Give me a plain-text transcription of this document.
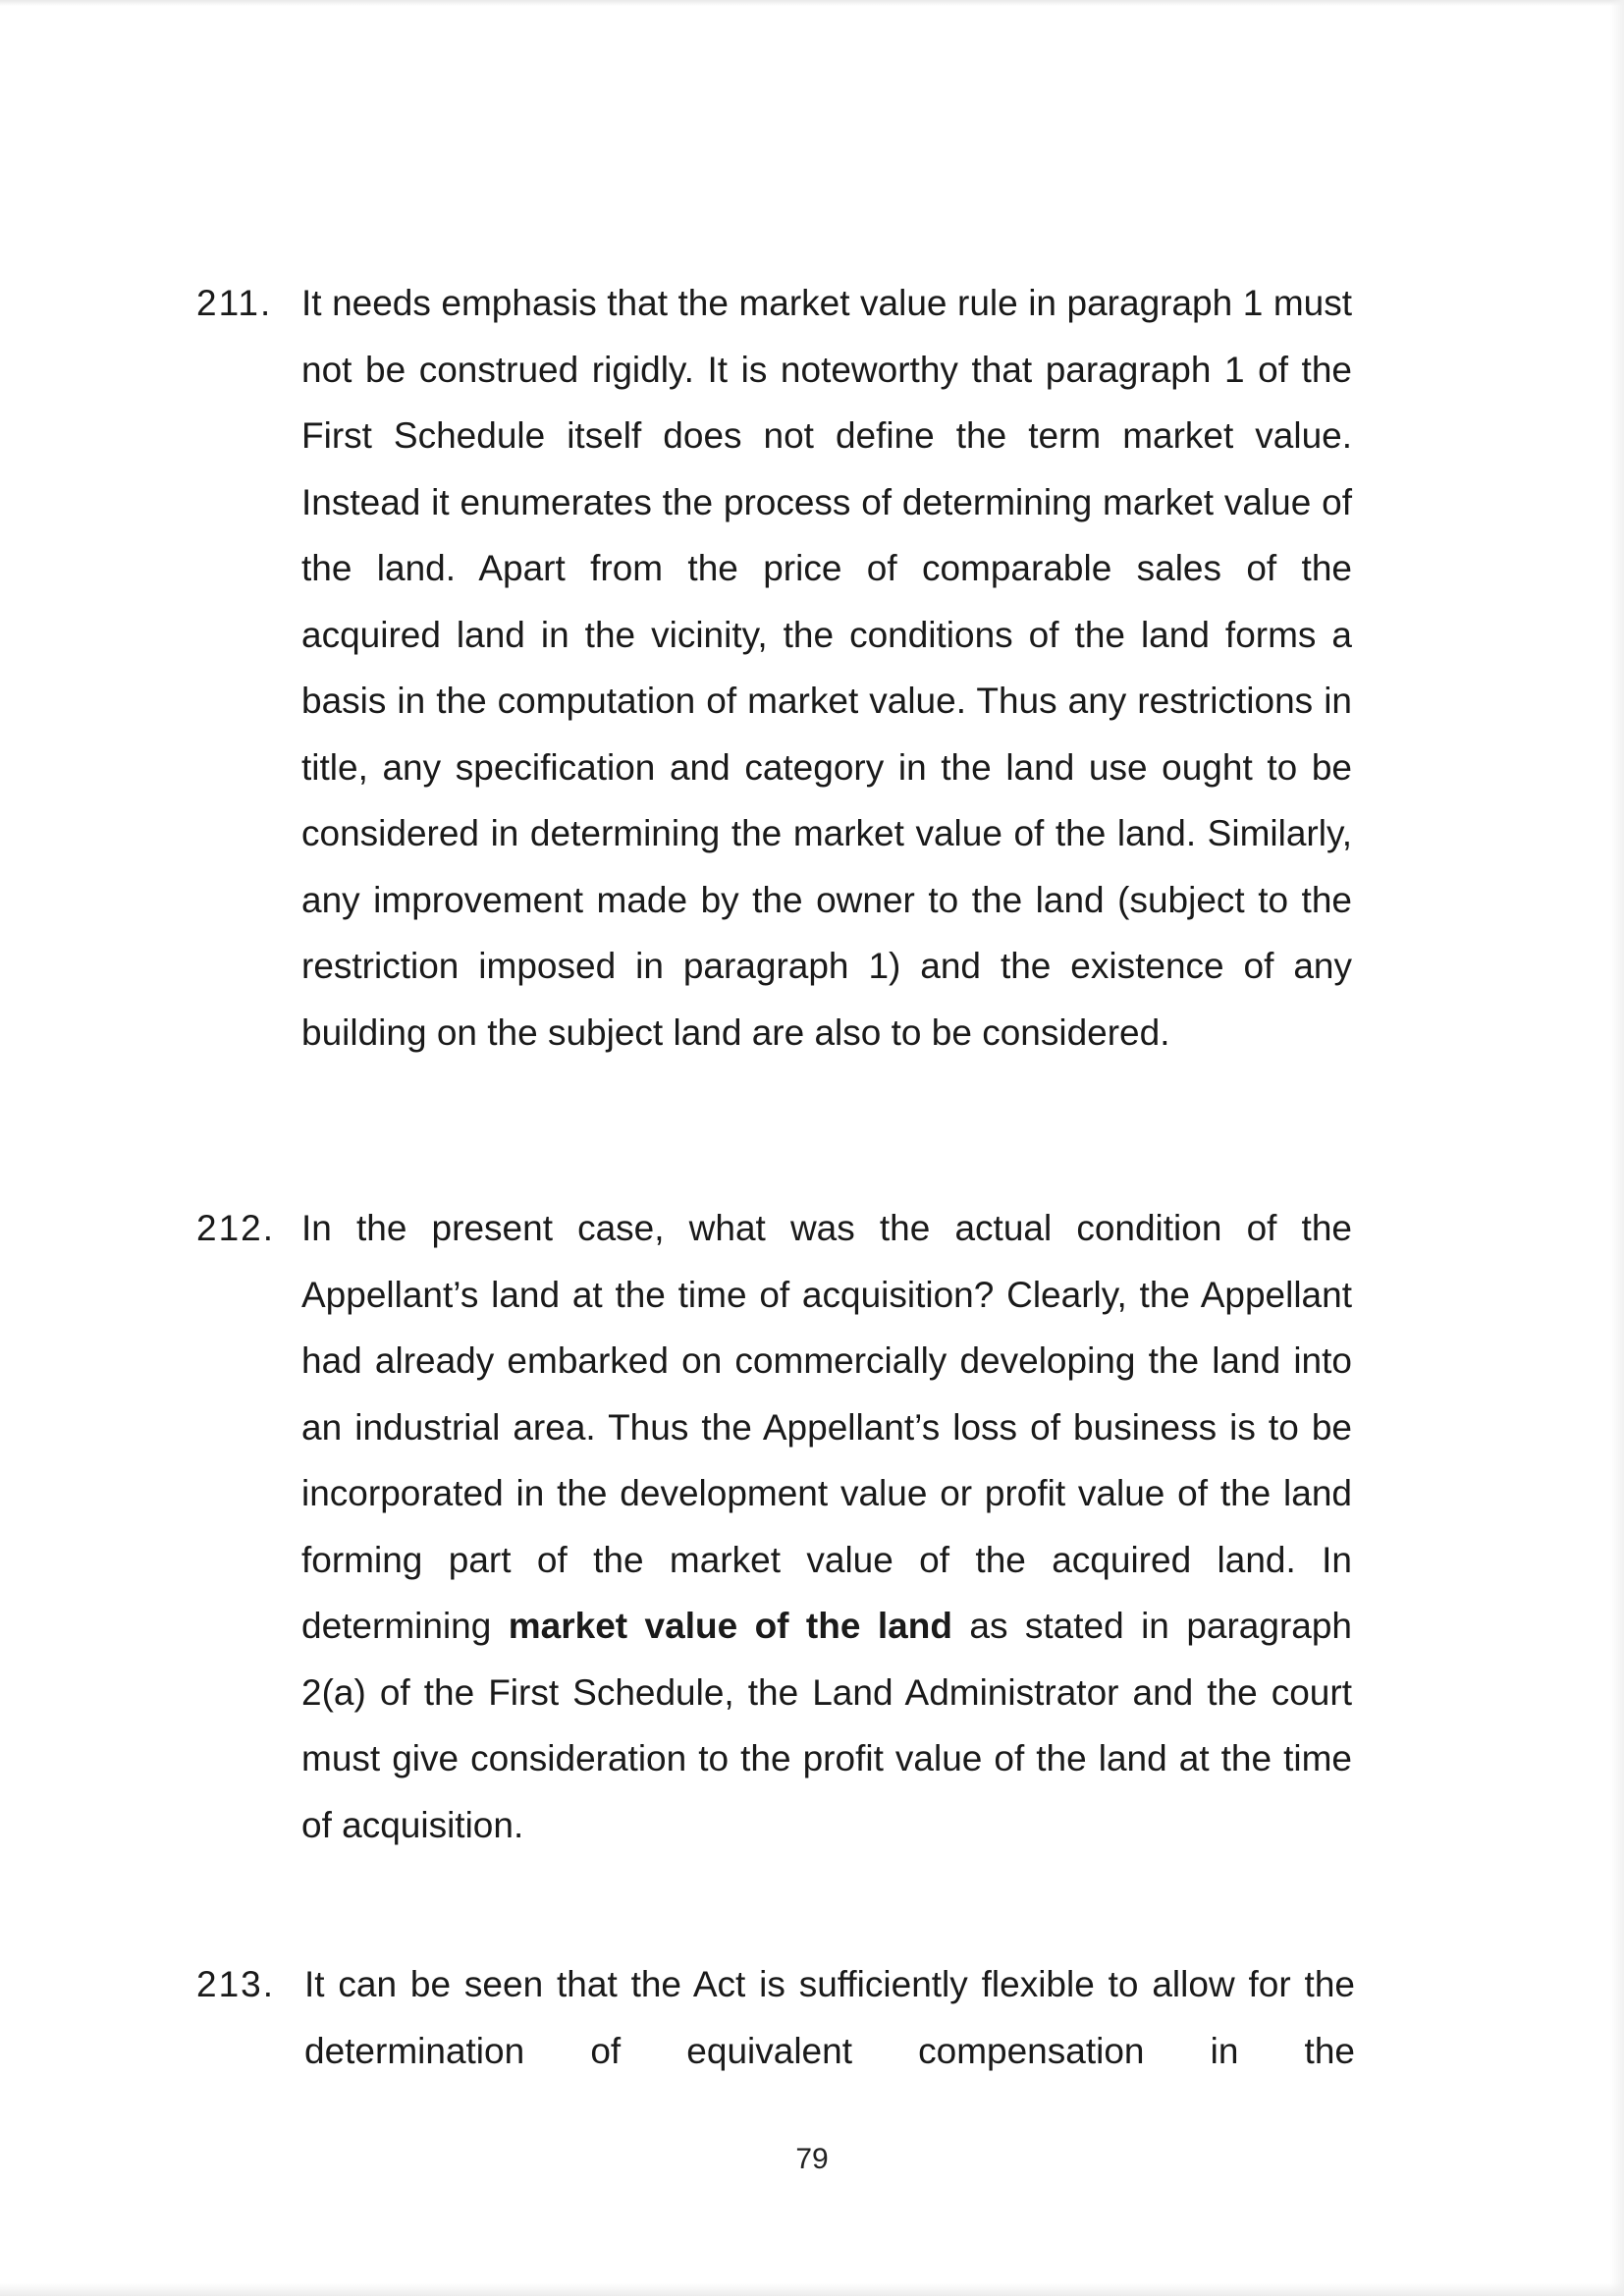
211. It needs emphasis that the market value rule in paragraph 1 must not be construed rigidly. It is noteworthy that paragraph 1 of the First Schedule itself does not define the term market value. Instead it enumerates the process of determining market value of the land. Apart from the price of comparable sales of the acquired land in the vicinity, the conditions of the land forms a basis in the computation of market value. Thus any restrictions in title, any specification and category in the land use ought to be considered in determining the market value of the land. Similarly, any improvement made by the owner to the land (subject to the restriction imposed in paragraph 1) and the existence of any building on the subject land are also to be considered.

212. In the present case, what was the actual condition of the Appellant’s land at the time of acquisition? Clearly, the Appellant had already embarked on commercially developing the land into an industrial area. Thus the Appellant’s loss of business is to be incorporated in the development value or profit value of the land forming part of the market value of the acquired land. In determining market value of the land as stated in paragraph 2(a) of the First Schedule, the Land Administrator and the court must give consideration to the profit value of the land at the time of acquisition.

213. It can be seen that the Act is sufficiently flexible to allow for the determination of equivalent compensation in the

79
